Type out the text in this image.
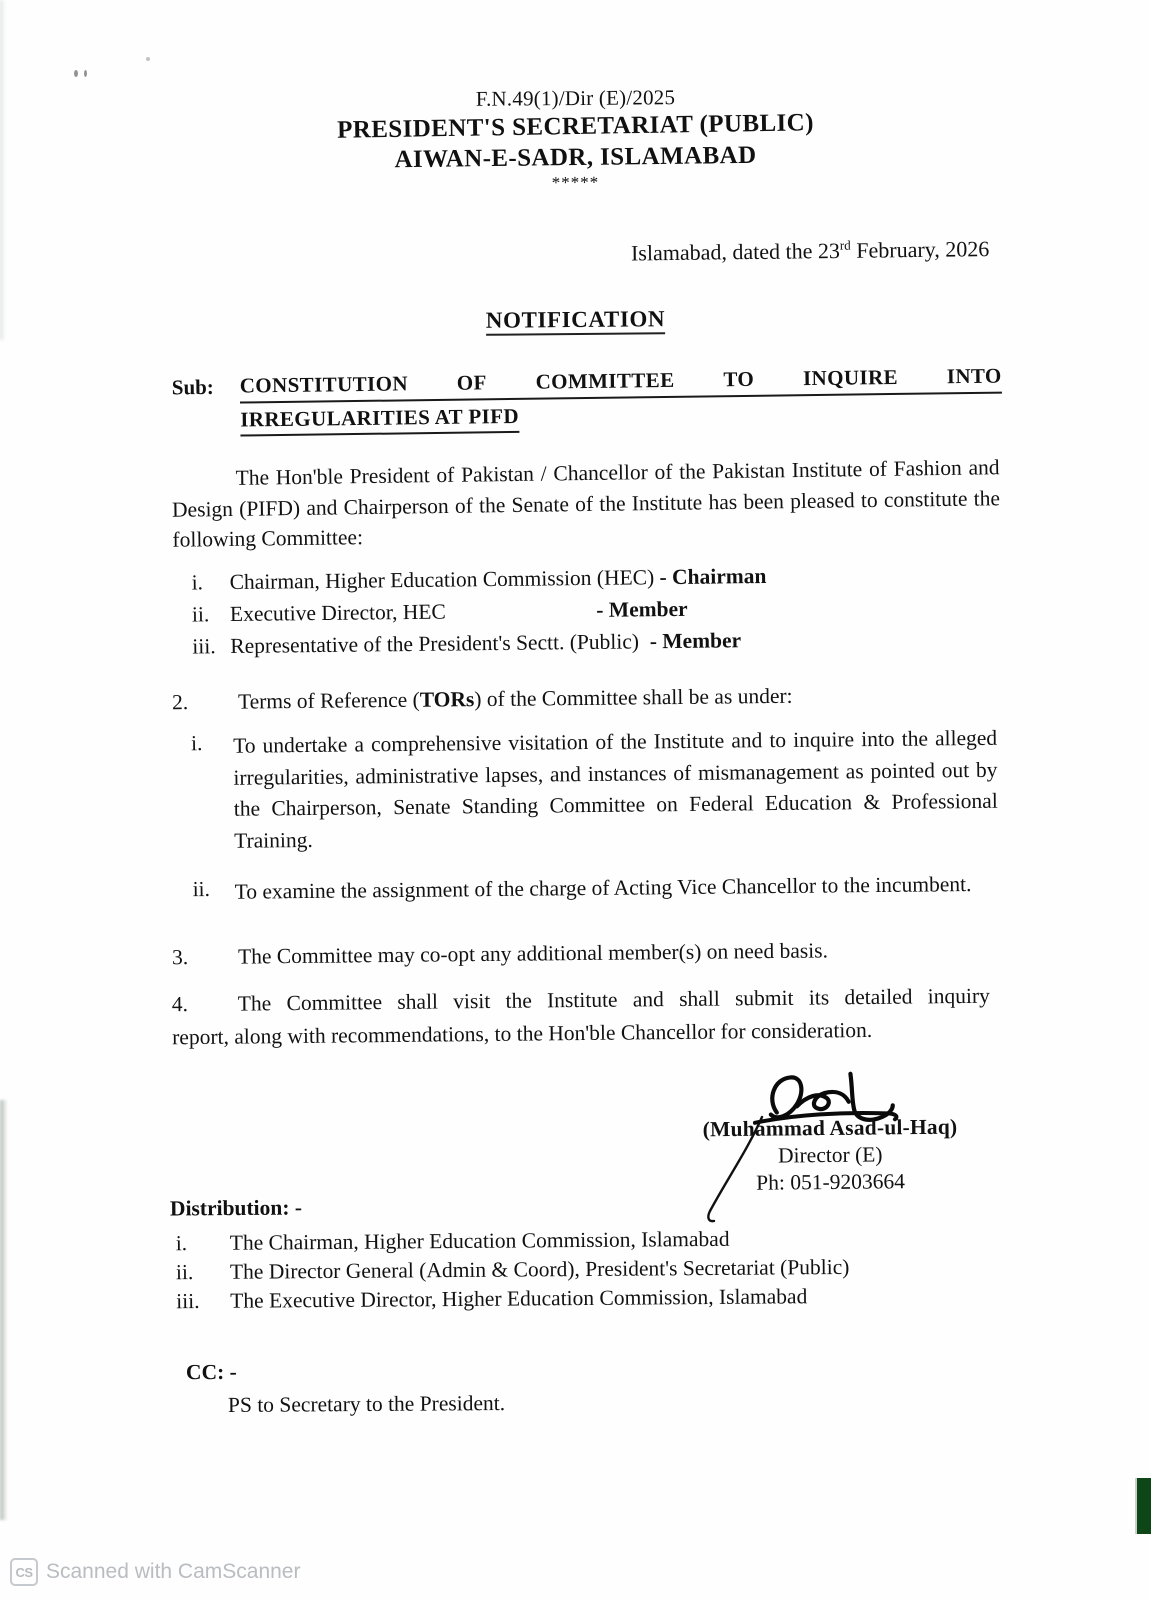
F.N.49(1)/Dir (E)/2025

PRESIDENT'S SECRETARIAT (PUBLIC)

AIWAN-E-SADR, ISLAMABAD

*****

Islamabad, dated the 23rd February, 2026
NOTIFICATION
Sub:	CONSTITUTION OF COMMITTEE TO INQUIRE INTO
IRREGULARITIES AT PIFD
The Hon'ble President of Pakistan / Chancellor of the Pakistan Institute of Fashion and Design (PIFD) and Chairperson of the Senate of the Institute has been pleased to constitute the following Committee:
i.	Chairman, Higher Education Commission (HEC) - Chairman
ii. Executive Director, HEC - Member
iii. Representative of the President's Sectt. (Public) - Member
2.	Terms of Reference (TORs) of the Committee shall be as under:
i.	To undertake a comprehensive visitation of the Institute and to inquire into the alleged irregularities, administrative lapses, and instances of mismanagement as pointed out by the Chairperson, Senate Standing Committee on Federal Education & Professional Training.
ii.	To examine the assignment of the charge of Acting Vice Chancellor to the incumbent.
3.	The Committee may co-opt any additional member(s) on need basis.
4.	The Committee shall visit the Institute and shall submit its detailed inquiry
report, along with recommendations, to the Hon'ble Chancellor for consideration.
(Muhammad Asad-ul-Haq)
Director (E)
Ph: 051-9203664
Distribution: -
i.	The Chairman, Higher Education Commission, Islamabad
ii.	The Director General (Admin & Coord), President's Secretariat (Public)
iii.	The Executive Director, Higher Education Commission, Islamabad
CC: -
PS to Secretary to the President.
CS Scanned with CamScanner
